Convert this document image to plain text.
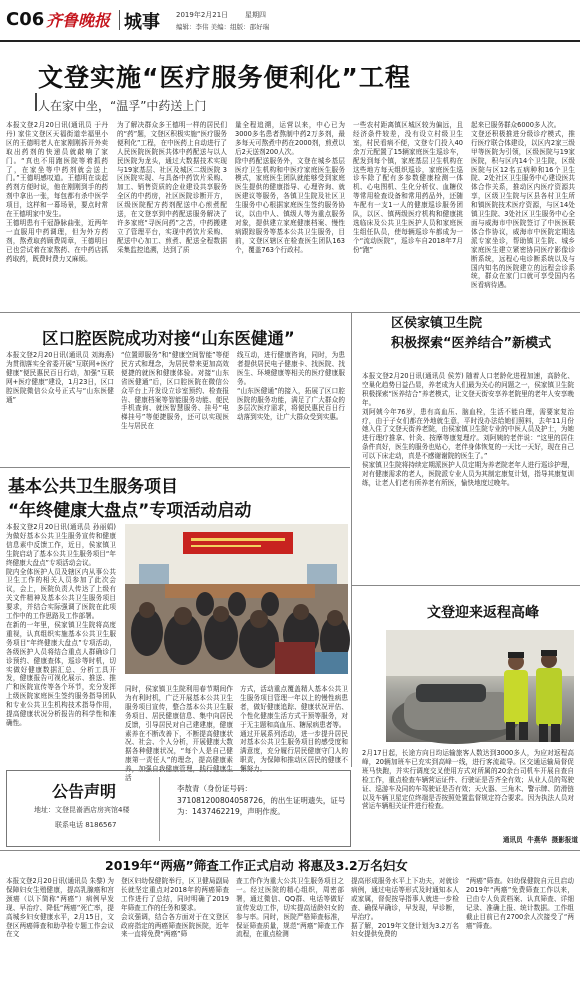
C06 齐鲁晚报 城事 2019年2月21日 星期四
编辑：李伟 美编：组版：邵好瑞
文登实施“医疗服务便利化”工程
人在家中坐，“温孚”中药送上门
本报文登2月20日讯(通讯员 于丹丹) 家住文登区天福街道幸福里小区的王德明老人在家刚刚拆开外卖取出药剂的快递员就敲响了家门。“真也不用跑医院等着抓药了，在家坐等中药剂就会送上门。”王德明感叹道。王德明在谈起药剂方便时说，他在刚刚到手的药剂中拿出一张，每包都有杀中医学项目，这样和一幕场景，要点时常在王德明家中发生。
王德明患有千冠静脉曲张，近两年一直服用中药调理，但为外方药剂，熬煮取药顾费周章，王德明日已也尝试着在家熬药、在中药店抓药取药，既费时费力又麻烦。
为了解决群众多王德明一样的居民们的“药”题，文登区积极实施“医疗服务便利化”工程，在中医药上自动进行了人民医院医院医共体中药配送与以人民医院为龙头，通过大数据技术实现与19家基层、社区及城区二级医院 3区医院实现、与具备中药饮片采购、加工、销售资质的企业建设共享服务全区的中药房，社区医院诊断开方，区级医院配方药剂配送中心煎煮配送，在文登享到中药配送服务解决了许多家庭“寻医问药”之苦，中药搬建立了管理平台，实现中药饮片采购、配送中心加工、煎煮、配送全程数据采集监控追溯，达到了质
量全程追溯，运营以来，中心已为3000多名患者熬制中药2万多剂，最多每天可熬煮中药在2000剂，煎煮以后2天送剂200人次。
除中药配送服务外，文登在城乡基层医疗卫生机构和中医疗家庭医生服务模式，家庭医生团队就能够受到家庭医生提供的健康指导、心理咨询、就医建议等服务，各镇卫生院及社区卫生服务中心根据家庭医生签约服务协议，以由中人、镇级人等为重点服务对象，提供建立家庭健康档案、慢性病跟踪服务等基本公共卫生服务，目前，文登区辖区在检查医生团队163个，覆盖763个行政村。
一些农村距离镇区城区较为偏远，且经济条件较差，没有设立村级卫生室，村民看病不便，文登专门投入40余万元配置了15辆家庭医生巡诊车，配发到每个镇，家庭基层卫生机构在这些地方每天组织巡诊，家庭医生巡诊车除了配有多参数健康检测一体机、心电图机、生化分析仪、血糖仪等常用检查设备和常用药品外，还随车配有一支1一人的健康巡诊服务团队，以区、镇两级医疗机构和健康挑选临床及公共卫生医护人员和家庭医生组任队员，使每辆巡诊车都成为一个“流动医院”，巡诊车自2018年7月份“跑”
起来已服务群众6000多人次。
文登还积极推进分级诊疗模式，推行医疗联合体建设，以区内2家三级甲等医院为引领，区级医院与19家医院，积与区内14个卫生院，区级医院与区12名五病种和16个卫生院、2处社区卫生服务中心建设医共体合作关系，推动区内医疗资源共享，区级卫生院与区县各村卫生所和镇医院技术医疗资源，与区14处镇卫生院、3处社区卫生服务中心全面与威海市中医院签订了中医医联体合作协议，威海市中医院定期选派专家坐诊，帮助镇卫生院、城乡家庭医生建立紧密协同医疗影像诊断系统，远程心电诊断系统以及与国内知名的医院建立的远程会诊系统，群众在家门口就可享受国内名医看病待遇。
区口腔医院成功对接“山东医健通”
本报文登2月20日讯(通讯员 刘海燕) 为贯彻落实全省委开展“互联网+医疗健康”便民惠民百日行动，加强“互联网+医疗健康”建设，1月23日，区口腔医院微信公众号正式与“山东医健通”
“位置即服务”和“健康空间智能”等便民方式和理念，为居民带来更加高效便捷的就医和健康体验。对接“山东省医健通”后，区口腔医院在微信公众平台上开发设立诊室预约、检查报告、健康档案等智能服务功能、便民手机查询、就医智慧服务、挂号“电梯挂号”等便捷服务，还可以实现医生与居民在
线互动，进行健康咨询，同时，为患者提供居民电子健康卡、找医院、找医生、环境健康等相关的医疗健康服务。
“山东医健通”的接入，拓展了区口腔医院的服务功能，满足了广大群众的多层次医疗需求，将便民惠民百日行动落到实处，让广大群众受到实惠。
区侯家镇卫生院
积极探索“医养结合”新模式
本报文登2月20日讯(通讯员 侯芳) 随着人口老龄化进程加速，高龄化、空巢化趋势日益凸显，养老成为人们最为关心的问题之一，侯家镇卫生院积极探索“医养结合”养老模式，让文登天街安享养老院里的老年人安享晚年。
刘阿姨今年76岁，患有高血压、脑血栓，生活不能自理，需要家复治疗，由于子女们都在外地就生意，平时没办法给她们照料，去年11月份她入住了文登天街养老院，由侯家镇卫生院专业的中医人员及护士，为她进行理疗推拿、针灸、按摩等康复理疗。刘阿姨的老伴说：“这里的居住条件真好，医生的服务也贴心，老伴身体恢复的一天比一天好，现在自己可以下床走动，真是不感谢谢院的医生了。”
侯家镇卫生院将持续定期派医护人员定期为养老院老年人进行巡诊护理，对有健康需求的老人，医院派专业人员为其制定康复计划，指导其康复训练，让老人们老有所养老有所医，愉快地度过晚年。
文登迎来返程高峰
2月17日起，长途方向日均运输旅客人数达到3000多人，为应对返程高峰，20辆加班车已充实到高峰一线，进行客流疏导。区交通运输局督促班马快跑，并实行调度交叉使用方式对所属的20余台司机车开展自查自检工作，重点检查车辆营运证件、行驶证是否齐全有效；从业人员的驾驶证、巡游车及同的车驾驶证是否有效；天火器、三角木、警示牌、防滑链以及车辆卫星定位终端是否按照处置监督规定符合要求。因为执法人员对营运车辆相关证件进行检查。
通讯员  牛燕华  摄影报道
基本公共卫生服务项目
“年终健康大盘点”专项活动启动
本报文登2月20日讯(通讯员 孙丽娟) 为做好基本公共卫生服务宣传和健康信息素中反馈工作，近日，侯家镇卫生院启动了基本公共卫生服务项目“年终健康大盘点”专项活动会议。
院内全体医护人员及辖区内从事公共卫生工作的相关人员参加了此次会议，会上，医院负责人传达了上级有关文件精神及基本公共卫生服务项目要求，并结合实际强调了医院在此项工作中的工作思路及工作部署。
在新的一年里，侯家镇卫生院将高度重视，认真组织实施基本公共卫生服务项目“年终健康大盘点”专项活动，各级医护人员将结合重点人群确诊门诊预约、健康查体，巡诊等时机，切实做好健康数据汇总、分析工具开发，健康报告可视化展示、推送、推广和医院宣传等各个环节，充分发挥上级医院家庭医生签约服务指导团队和专业公共卫生机构技术指导作用，提高健康状况分析报告的科学性和准确性。
同时，侯家镇卫生院利用春节期间作为有利时机，广泛开展基本公共卫生服务项目宣传，整合基本公共卫生服务项目、居民健康信息、集中向居民反馈，引导居民对自己建建康，健康素养在不断改善下，不断提高健康状况、社会、个人分析，开展健康大数据各种健康状况，“每个人是自己健康第一责任人”的理念，提高健康素养，加强自我健康管理，践行健康生活
方式，活动重点覆盖精人基本公共卫生服务项目管理一年以上的慢性病患者，做好健康追踪、健康状况评估、个性化健康生活方式干预等服务，对于无主题和高血压、糖尿病患者等。
通过开展系列活动，进一步提升居民对基本公共卫生服务项目的感受度和满意度，充分履行居民健康守门人的职责，为保障和推动区居民的健康不懈努力。
公告声明
地址：文登昆嵛酒店房宾馆4楼
联系电话 8186567
李敖青（身份证号码：
371081200804058726，的出生证明遗失，证号为：1437462219，声明作废。
2019年“两癌”筛查工作正式启动 将惠及3.2万名妇女
本报文登2月20日讯(通讯员 朱黎) 为保障妇女生殖健康，提高乳腺癌和宫颈癌（以下简称“两癌”）病例早发现、早治疗、降低“两癌”死亡率，提高城乡妇女健康水平，2月15日，文登区两癌筛查和助孕检专题工作会议在文
登区妇幼保健院举行，区卫健局副局长就坚定重点对2018年的两癌筛查工作进行了总结，同时明确了2019年筛查工作的任务和要求。
会议强调，结合各方面对于在文登区政府指定的两癌筛查医院医院，近年来一直将免费“两癌”筛
查工作作为重大公共卫生服务项目之一。经过医院的精心组织，周密部署，通过微信、QQ群、电话等做好宣传发动工作，切实提高适龄妇女的参与率。同时，医院严格筛查标准，保证筛查质量，规范“两癌”筛查工作流程，在重点检测
提高形成服务水平上下功夫，对就诊病例，通过电话等形式及时通知本人或家属，督促按导指事人就进一步检查、确保早确诊，早发现，早诊断，早治疗。
据了解，2019年文登计划为3.2万名妇女提供免费的
“两癌”筛查。妇幼保健院自元旦启动2019年“两癌”免费筛查工作以来，已由专人负责档案、认真筛查、详细记录、准确上报、统计数据。工作组截止目前已有2700余人次接受了“两癌”筛查。
